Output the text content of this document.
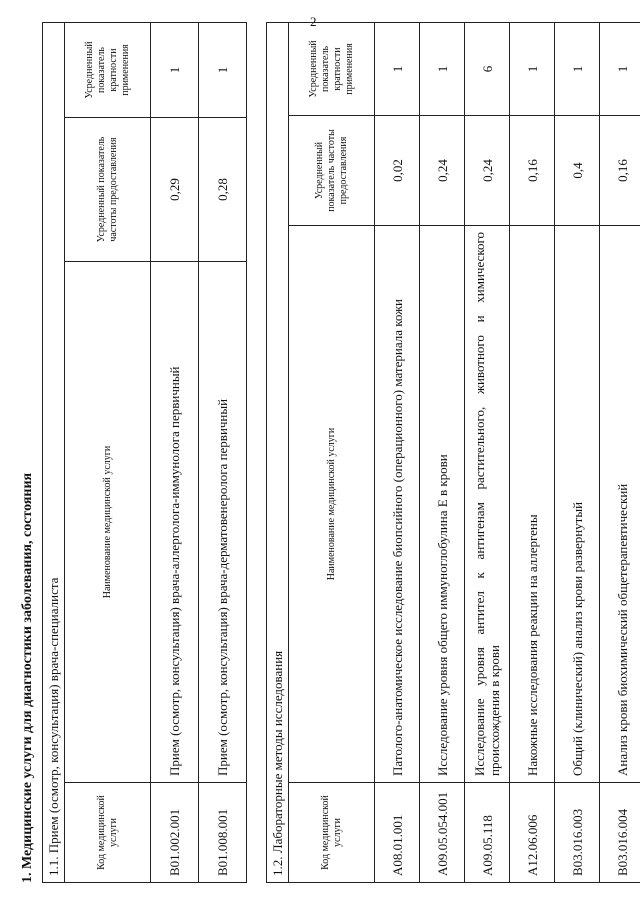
2
1. Медицинские услуги для диагностики заболевания, состояния 1.1. Прием (осмотр, консультация) врача-специалиста			
Код медицинской услуги	Наименование медицинской услуги	Усредненный показатель частоты предоставления	Усредненный показатель кратности применения
B01.002.001	Прием (осмотр, консультация) врача-аллерголога-иммунолога первичный	0,29	1
B01.008.001	Прием (осмотр, консультация) врача-дерматовенеролога первичный	0,28	1
1.2. Лабораторные методы исследования			
Код медицинской услуги	Наименование медицинской услуги	Усредненный показатель частоты предоставления	Усредненный показатель кратности применения
A08.01.001	Патолого-анатомическое исследование биопсийного (операционного) материала кожи	0,02	1
A09.05.054.001	Исследование уровня общего иммуноглобулина E в крови	0,24	1
A09.05.118	Исследование уровня антител к антигенам растительного, животного и химического происхождения в крови	0,24	6
A12.06.006	Накожные исследования реакции на аллергены	0,16	1
B03.016.003	Общий (клинический) анализ крови развернутый	0,4	1
B03.016.004	Анализ крови биохимический общетерапевтический	0,16	1
